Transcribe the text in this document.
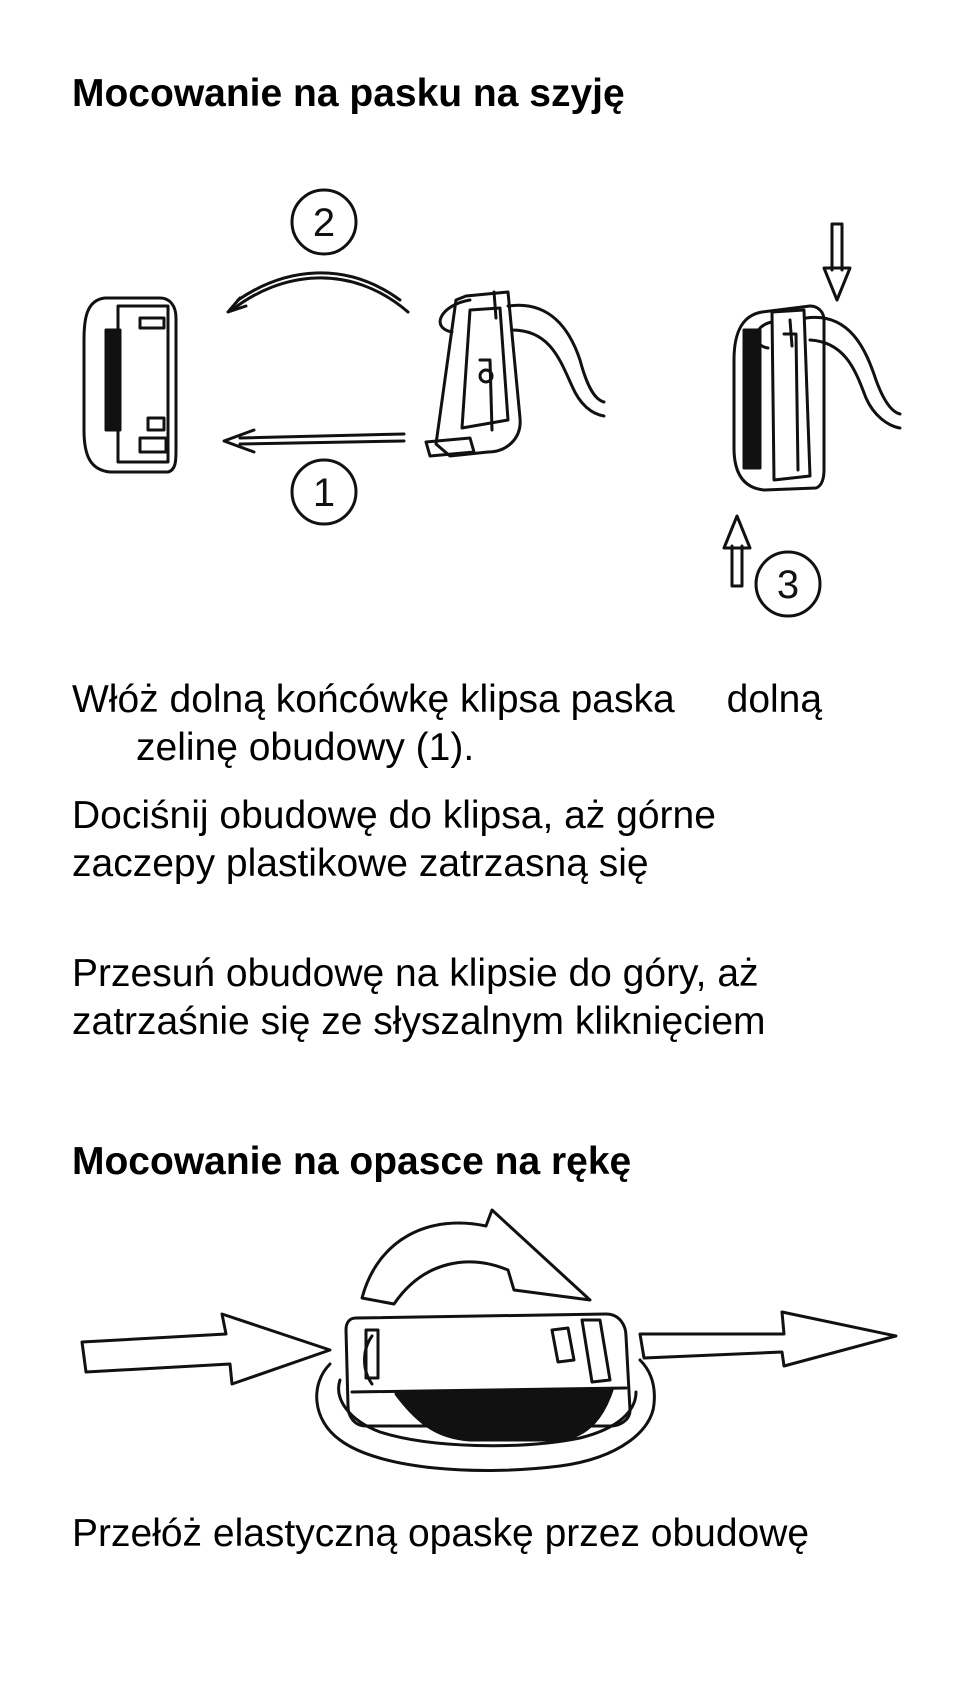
Mocowanie na pasku na szyję
2
1
3

Włóż dolną końcówkę klipsa paska dolną
zelinę obudowy (1).

Dociśnij obudowę do klipsa, aż górne
zaczepy plastikowe zatrzasną się

Przesuń obudowę na klipsie do góry, aż
zatrzaśnie się ze słyszalnym kliknięciem

Mocowanie na opasce na rękę

Przełóż elastyczną opaskę przez obudowę
